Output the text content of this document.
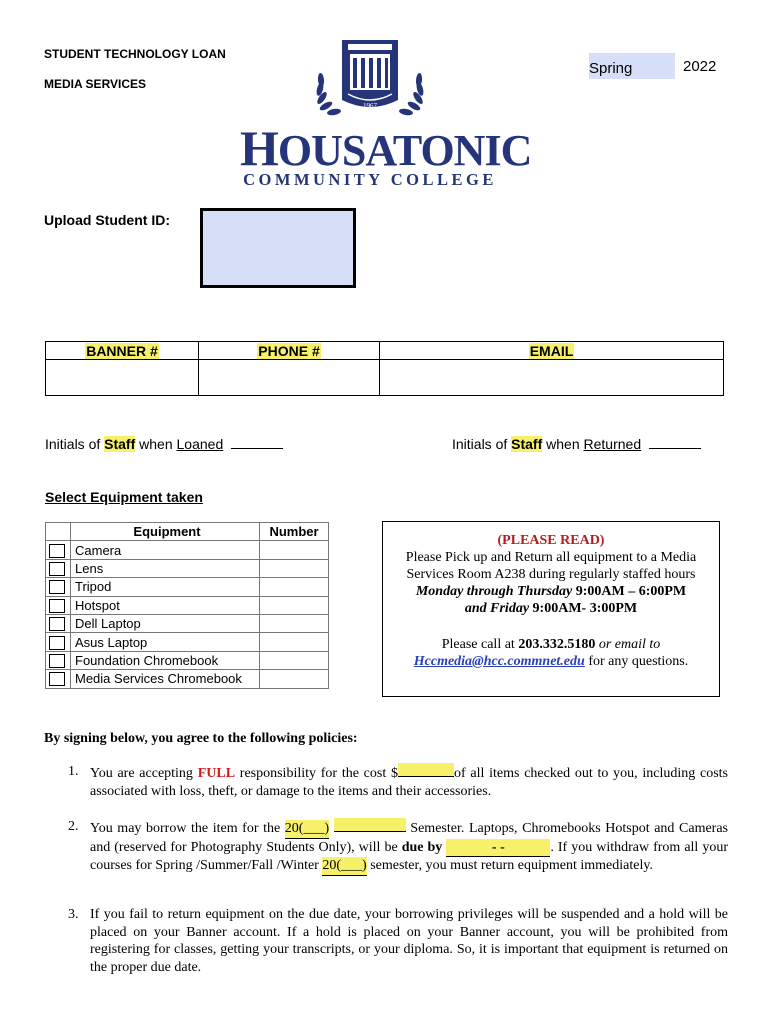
STUDENT TECHNOLOGY LOAN
MEDIA SERVICES
Spring
2022
1967
HOUSATONIC
COMMUNITY COLLEGE
Upload Student ID:
BANNER #	PHONE #	EMAIL

Initials of Staff when Loaned	Initials of Staff when Returned
Select Equipment taken
	Equipment	Number

	Camera	

	Lens	

	Tripod	

	Hotspot	

	Dell Laptop	

	Asus Laptop	

	Foundation Chromebook	

	Media Services Chromebook	
(PLEASE READ)
Please Pick up and Return all equipment to a Media
Services Room A238 during regularly staffed hours
Monday through Thursday 9:00AM – 6:00PM
and Friday 9:00AM- 3:00PM
Please call at 203.332.5180 or email to
Hccmedia@hcc.commnet.edu for any questions.
By signing below, you agree to the following policies:
1. You are accepting FULL responsibility for the cost $	of all items checked out to you, including costs associated with loss, theft, or damage to the items and their accessories.
2. You may borrow the item for the 20(___)	Semester. Laptops, Chromebooks Hotspot and Cameras and (reserved for Photography Students Only), will be due by	- -	. If you withdraw from all your courses for Spring /Summer/Fall /Winter 20(___) semester, you must return equipment immediately.
3. If you fail to return equipment on the due date, your borrowing privileges will be suspended and a hold will be placed on your Banner account. If a hold is placed on your Banner account, you will be prohibited from registering for classes, getting your transcripts, or your diploma. So, it is important that equipment is returned on the proper due date.
